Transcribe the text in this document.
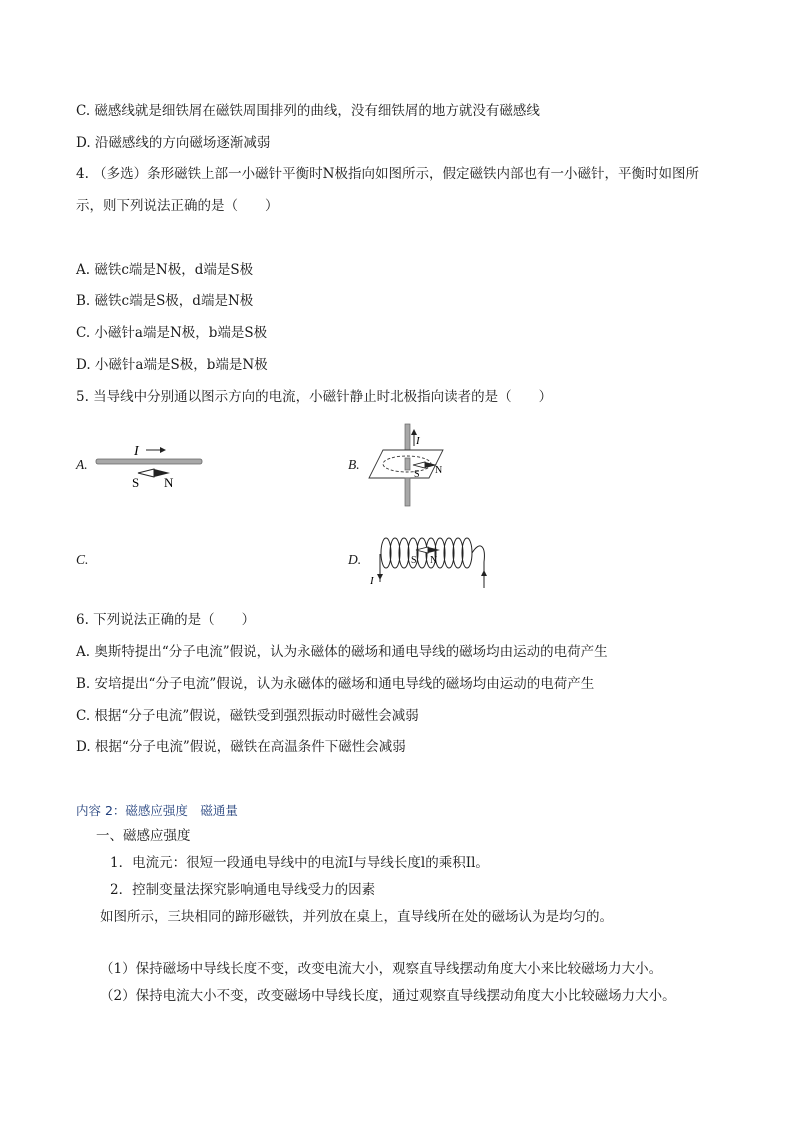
C. 磁感线就是细铁屑在磁铁周围排列的曲线，没有细铁屑的地方就没有磁感线
D. 沿磁感线的方向磁场逐渐减弱
4. （多选）条形磁铁上部一小磁针平衡时N极指向如图所示，假定磁铁内部也有一小磁针，平衡时如图所
示，则下列说法正确的是（　　）
A. 磁铁c端是N极，d端是S极
B. 磁铁c端是S极，d端是N极
C. 小磁针a端是N极，b端是S极
D. 小磁针a端是S极，b端是N极
5. 当导线中分别通以图示方向的电流，小磁针静止时北极指向读者的是（　　）
A.	B.
C.	D.
I
S N
I
S N
I
S N
6. 下列说法正确的是（　　）
A. 奥斯特提出“分子电流”假说，认为永磁体的磁场和通电导线的磁场均由运动的电荷产生
B. 安培提出“分子电流”假说，认为永磁体的磁场和通电导线的磁场均由运动的电荷产生
C. 根据“分子电流”假说，磁铁受到强烈振动时磁性会减弱
D. 根据“分子电流”假说，磁铁在高温条件下磁性会减弱
内容 2：磁感应强度　磁通量
一、磁感应强度
1．电流元：很短一段通电导线中的电流I与导线长度l的乘积Il。
2．控制变量法探究影响通电导线受力的因素
如图所示，三块相同的蹄形磁铁，并列放在桌上，直导线所在处的磁场认为是均匀的。
（1）保持磁场中导线长度不变，改变电流大小，观察直导线摆动角度大小来比较磁场力大小。
（2）保持电流大小不变，改变磁场中导线长度，通过观察直导线摆动角度大小比较磁场力大小。
